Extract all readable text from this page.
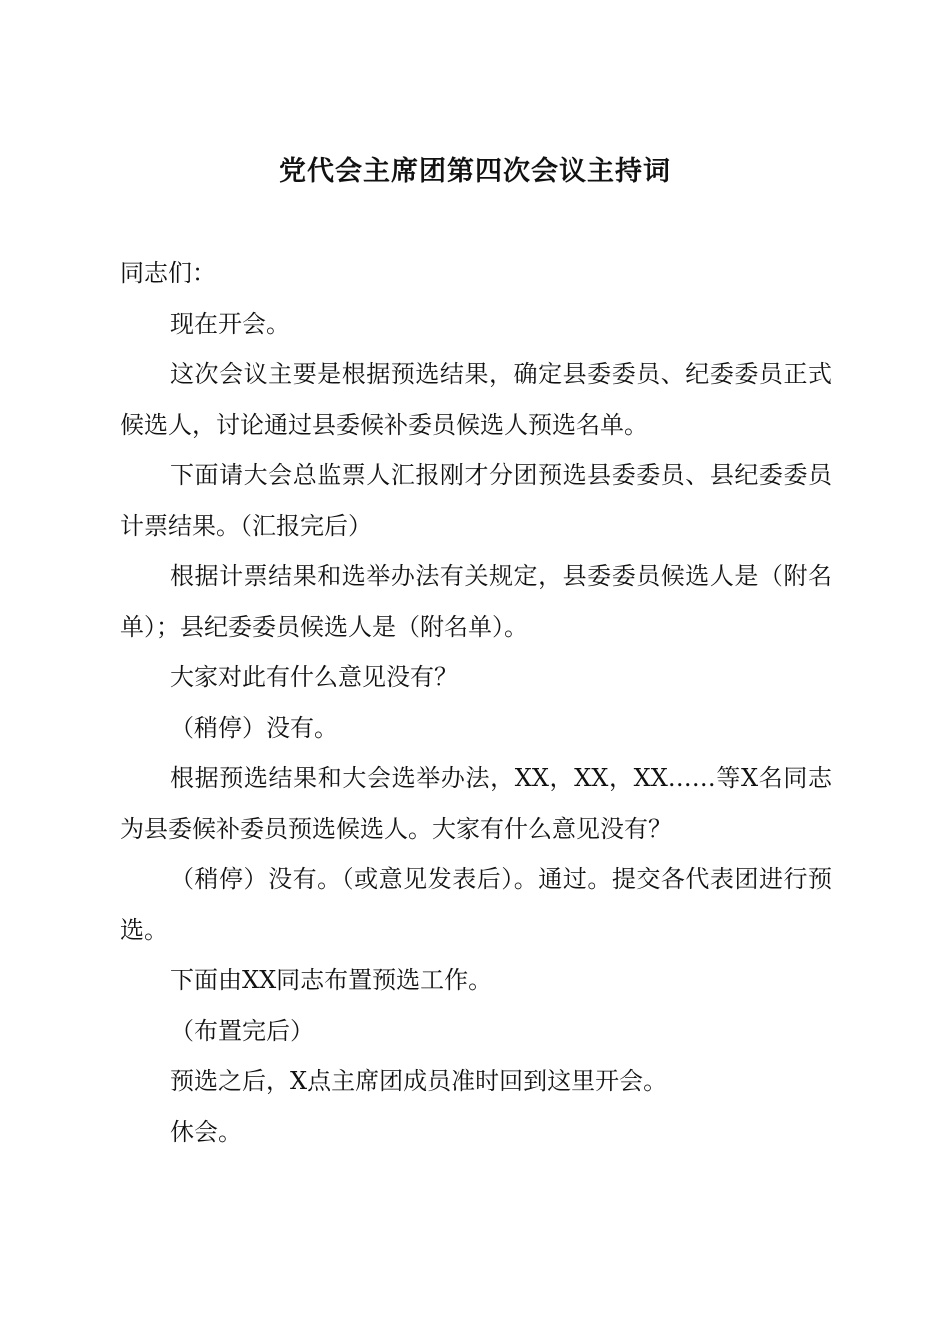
党代会主席团第四次会议主持词

同志们：

现在开会。

这次会议主要是根据预选结果，确定县委委员、纪委委员正式候选人，讨论通过县委候补委员候选人预选名单。

下面请大会总监票人汇报刚才分团预选县委委员、县纪委委员计票结果。（汇报完后）

根据计票结果和选举办法有关规定，县委委员候选人是（附名单）；县纪委委员候选人是（附名单）。

大家对此有什么意见没有？

（稍停）没有。

根据预选结果和大会选举办法，XX，XX，XX……等X名同志为县委候补委员预选候选人。大家有什么意见没有？

（稍停）没有。（或意见发表后）。通过。提交各代表团进行预选。

下面由XX同志布置预选工作。

（布置完后）

预选之后，X点主席团成员准时回到这里开会。

休会。
